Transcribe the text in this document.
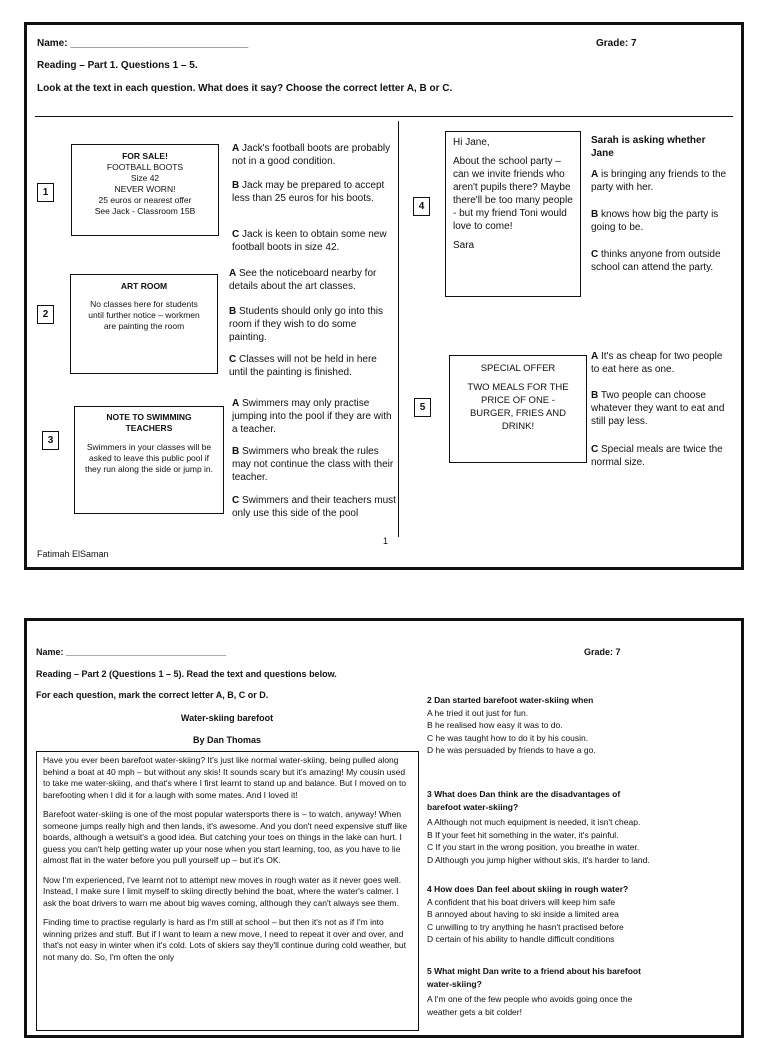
Name: ________________________________	Grade: 7
Reading – Part 1. Questions 1 – 5.
Look at the text in each question. What does it say? Choose the correct letter A, B or C.
1
FOR SALE!
FOOTBALL BOOTS
Size 42
NEVER WORN!
25 euros or nearest offer
See Jack - Classroom 15B
A Jack's football boots are probably not in a good condition.
B Jack may be prepared to accept less than 25 euros for his boots.
C Jack is keen to obtain some new football boots in size 42.
2
ART ROOM
No classes here for students until further notice – workmen are painting the room
A See the noticeboard nearby for details about the art classes.
B Students should only go into this room if they wish to do some painting.
C Classes will not be held in here until the painting is finished.
3
NOTE TO SWIMMING TEACHERS
Swimmers in your classes will be asked to leave this public pool if they run along the side or jump in.
A Swimmers may only practise jumping into the pool if they are with a teacher.
B Swimmers who break the rules may not continue the class with their teacher.
C Swimmers and their teachers must only use this side of the pool
4
Hi Jane,
About the school party – can we invite friends who aren't pupils there? Maybe there'll be too many people - but my friend Toni would love to come!
Sara
Sarah is asking whether Jane
A is bringing any friends to the party with her.
B knows how big the party is going to be.
C thinks anyone from outside school can attend the party.
5
SPECIAL OFFER
TWO MEALS FOR THE PRICE OF ONE - BURGER, FRIES AND DRINK!
A It's as cheap for two people to eat here as one.
B Two people can choose whatever they want to eat and still pay less.
C Special meals are twice the normal size.
1
Fatimah ElSaman
Name: ________________________________	Grade: 7
Reading – Part 2 (Questions 1 – 5). Read the text and questions below.
For each question, mark the correct letter A, B, C or D.
Water-skiing barefoot
By Dan Thomas

Have you ever been barefoot water-skiing? It's just like normal water-skiing, being pulled along behind a boat at 40 mph – but without any skis! It sounds scary but it's amazing! My cousin used to take me water-skiing, and that's where I first learnt to stand up and balance. But I moved on to barefooting when I did it for a laugh with some mates. And I loved it!

Barefoot water-skiing is one of the most popular watersports there is – to watch, anyway! When someone jumps really high and then lands, it's awesome. And you don't need expensive stuff like boards, although a wetsuit's a good idea. But catching your toes on things in the lake can hurt. I guess you can't help getting water up your nose when you start learning, too, as you have to lie almost flat in the water before you pull yourself up – but it's OK.

Now I'm experienced, I've learnt not to attempt new moves in rough water as it never goes well. Instead, I make sure I limit myself to skiing directly behind the boat, where the water's calmer. I ask the boat drivers to warn me about big waves coming, although they can't always see them.

Finding time to practise regularly is hard as I'm still at school – but then it's not as if I'm into winning prizes and stuff. But if I want to learn a new move, I need to repeat it over and over, and that's not easy in winter when it's cold. Lots of skiers say they'll continue during cold weather, but not many do. So, I'm often the only

2 Dan started barefoot water-skiing when
A he tried it out just for fun.
B he realised how easy it was to do.
C he was taught how to do it by his cousin.
D he was persuaded by friends to have a go.
3 What does Dan think are the disadvantages of barefoot water-skiing?
A Although not much equipment is needed, it isn't cheap.
B If your feet hit something in the water, it's painful.
C If you start in the wrong position, you breathe in water.
D Although you jump higher without skis, it's harder to land.
4 How does Dan feel about skiing in rough water?
A confident that his boat drivers will keep him safe
B annoyed about having to ski inside a limited area
C unwilling to try anything he hasn't practised before
D certain of his ability to handle difficult conditions
5 What might Dan write to a friend about his barefoot water-skiing?
A I'm one of the few people who avoids going once the weather gets a bit colder!
